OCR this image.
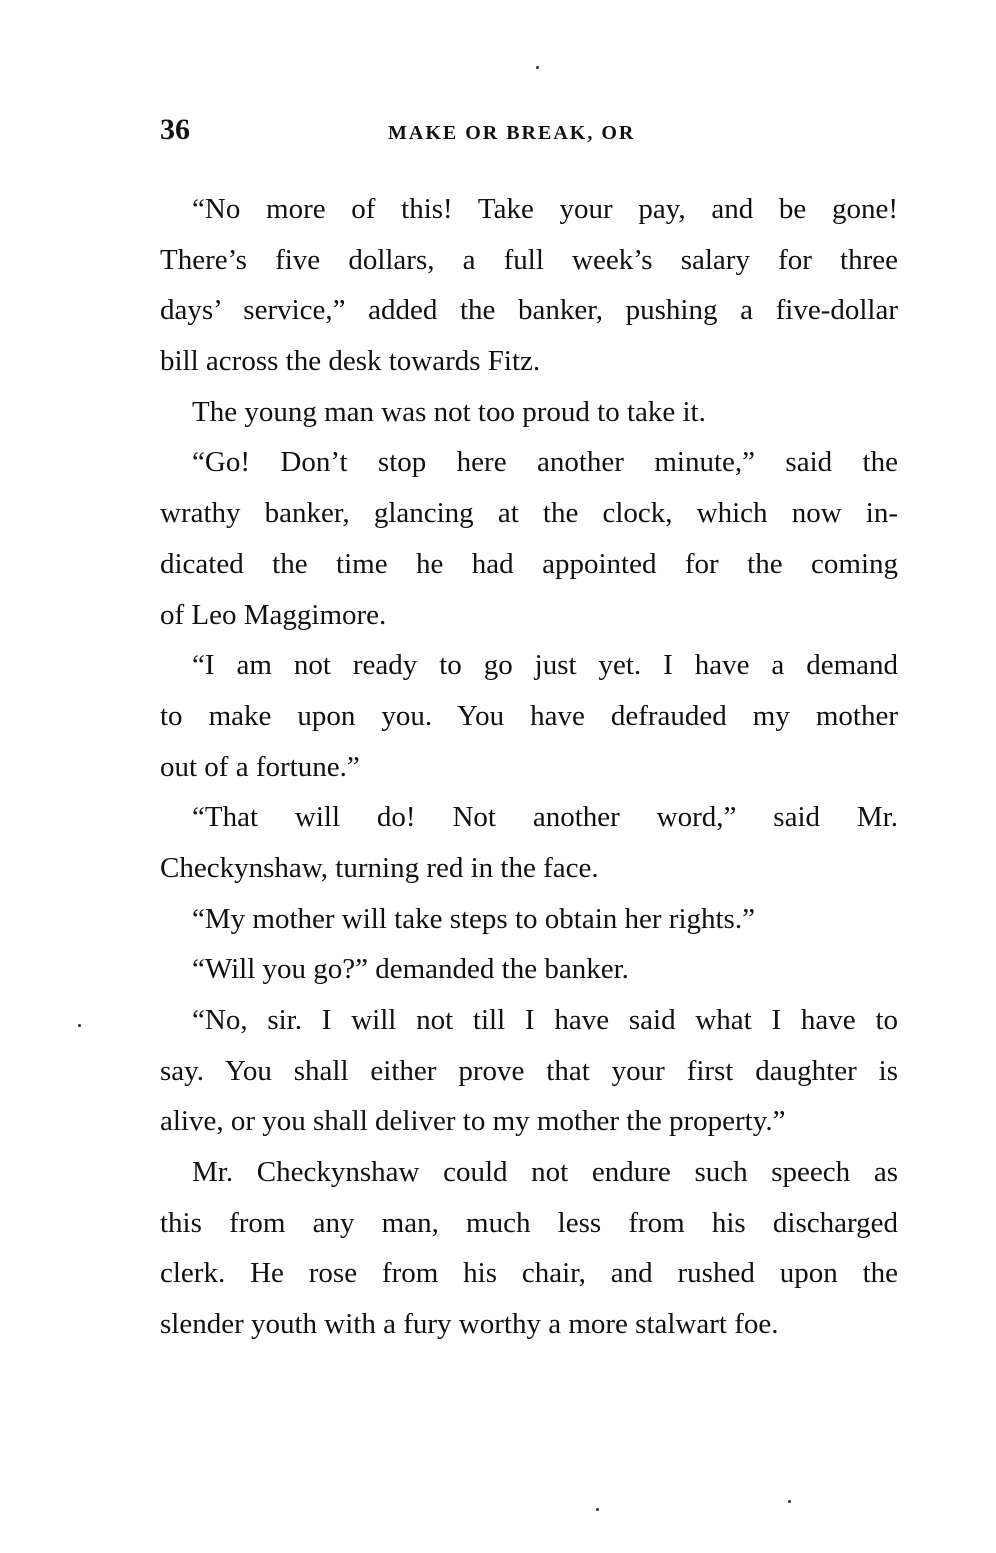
36	MAKE OR BREAK, OR
“No more of this! Take your pay, and be gone!
There’s five dollars, a full week’s salary for three
days’ service,” added the banker, pushing a five-dollar
bill across the desk towards Fitz.
The young man was not too proud to take it.
“Go! Don’t stop here another minute,” said the
wrathy banker, glancing at the clock, which now in-
dicated the time he had appointed for the coming
of Leo Maggimore.
“I am not ready to go just yet. I have a demand
to make upon you. You have defrauded my mother
out of a fortune.”
“That will do! Not another word,” said Mr.
Checkynshaw, turning red in the face.
“My mother will take steps to obtain her rights.”
“Will you go?” demanded the banker.
“No, sir. I will not till I have said what I have to
say. You shall either prove that your first daughter is
alive, or you shall deliver to my mother the property.”
Mr. Checkynshaw could not endure such speech as
this from any man, much less from his discharged
clerk. He rose from his chair, and rushed upon the
slender youth with a fury worthy a more stalwart foe.
